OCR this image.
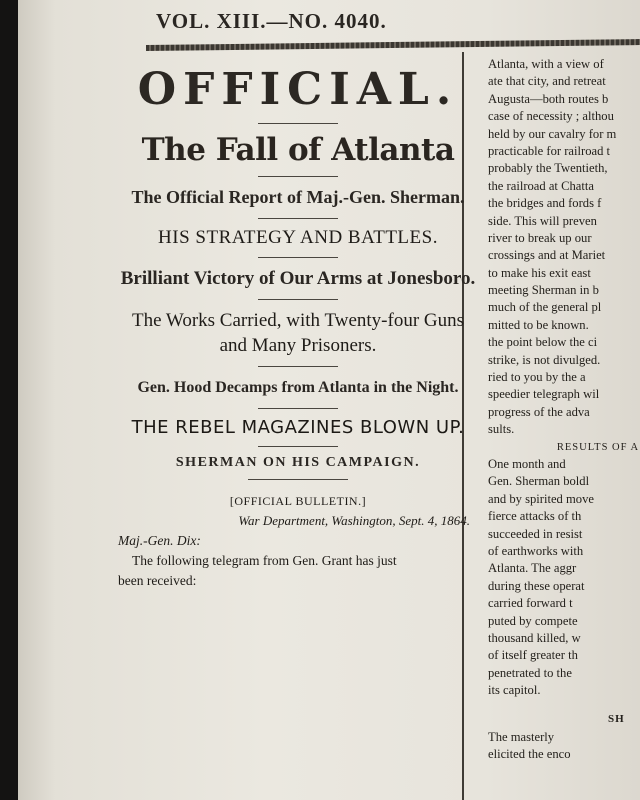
VOL. XIII.—NO. 4040.
OFFICIAL.
The Fall of Atlanta
The Official Report of Maj.-Gen. Sherman.
HIS STRATEGY AND BATTLES.
Brilliant Victory of Our Arms at Jonesboro.
The Works Carried, with Twenty-four Guns and Many Prisoners.
Gen. Hood Decamps from Atlanta in the Night.
THE REBEL MAGAZINES BLOWN UP.
SHERMAN ON HIS CAMPAIGN.
[OFFICIAL BULLETIN.]
War Department, Washington, Sept. 4, 1864.

Maj.-Gen. Dix:

The following telegram from Gen. Grant has just

been received:

Atlanta, with a view of
ate that city, and retreat
Augusta—both routes b
case of necessity ; althou
held by our cavalry for m
practicable for railroad t
probably the Twentieth,
the railroad at Chatta
the bridges and fords f
side. This will preven
river to break up our
crossings and at Mariet
to make his exit east
meeting Sherman in b
much of the general pl
mitted to be known.
the point below the ci
strike, is not divulged.
ried to you by the a
speedier telegraph wil
progress of the adva
sults.
RESULTS OF A
One month and
Gen. Sherman boldl
and by spirited move
fierce attacks of th
succeeded in resist
of earthworks with
Atlanta. The aggr
during these operat
carried forward t
puted by compete
thousand killed, w
of itself greater th
penetrated to the
its capitol.
SH
The masterly
elicited the enco
